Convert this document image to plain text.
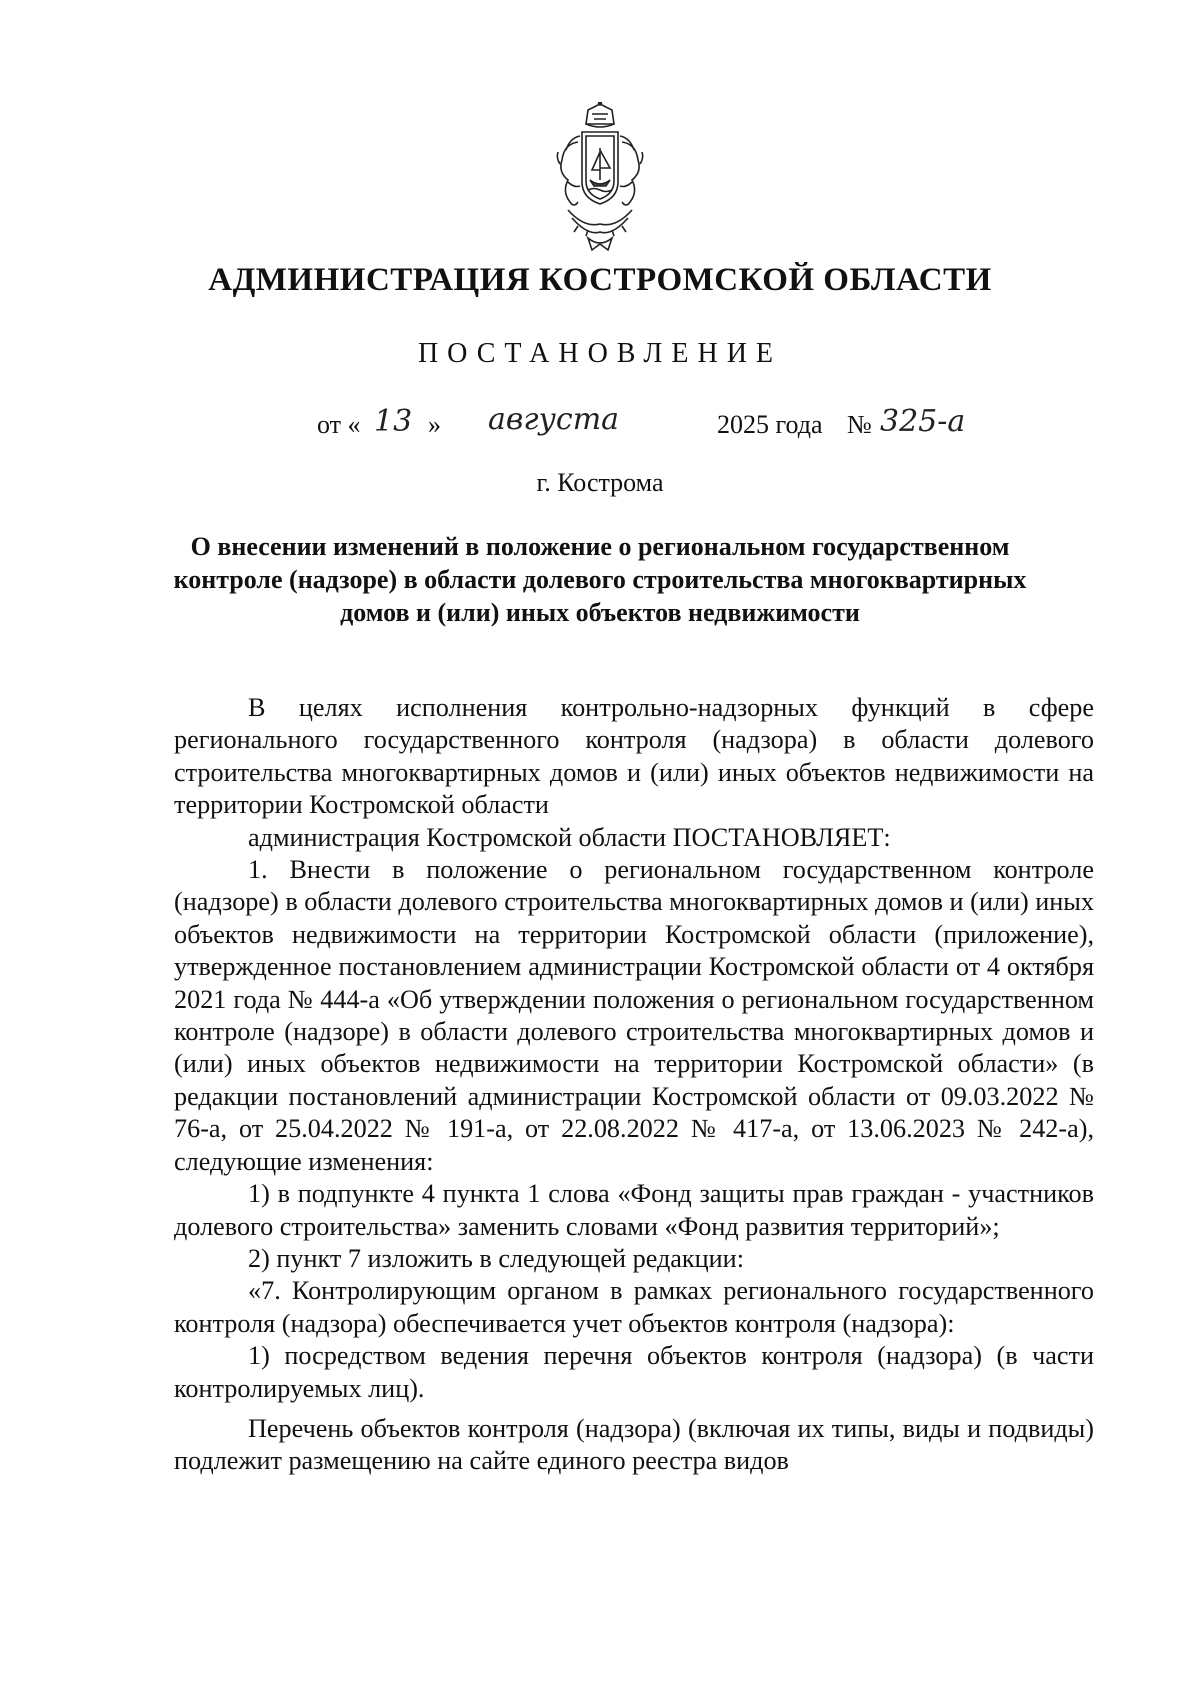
АДМИНИСТРАЦИЯ КОСТРОМСКОЙ ОБЛАСТИ
ПОСТАНОВЛЕНИЕ
от « 13 » августа	2025 года № 325-а
г. Кострома
О внесении изменений в положение о региональном государственном контроле (надзоре) в области долевого строительства многоквартирных домов и (или) иных объектов недвижимости

В целях исполнения контрольно-надзорных функций в сфере регионального государственного контроля (надзора) в области долевого строительства многоквартирных домов и (или) иных объектов недвижимости на территории Костромской области

администрация Костромской области ПОСТАНОВЛЯЕТ:

1. Внести в положение о региональном государственном контроле (надзоре) в области долевого строительства многоквартирных домов и (или) иных объектов недвижимости на территории Костромской области (приложение), утвержденное постановлением администрации Костромской области от 4 октября 2021 года № 444-а «Об утверждении положения о региональном государственном контроле (надзоре) в области долевого строительства многоквартирных домов и (или) иных объектов недвижимости на территории Костромской области» (в редакции постановлений администрации Костромской области от 09.03.2022 № 76-а, от 25.04.2022 № 191-а, от 22.08.2022 № 417-а, от 13.06.2023 № 242-а), следующие изменения:

1) в подпункте 4 пункта 1 слова «Фонд защиты прав граждан - участников долевого строительства» заменить словами «Фонд развития территорий»;

2) пункт 7 изложить в следующей редакции:

«7. Контролирующим органом в рамках регионального государственного контроля (надзора) обеспечивается учет объектов контроля (надзора):

1) посредством ведения перечня объектов контроля (надзора) (в части контролируемых лиц).

Перечень объектов контроля (надзора) (включая их типы, виды и подвиды) подлежит размещению на сайте единого реестра видов
